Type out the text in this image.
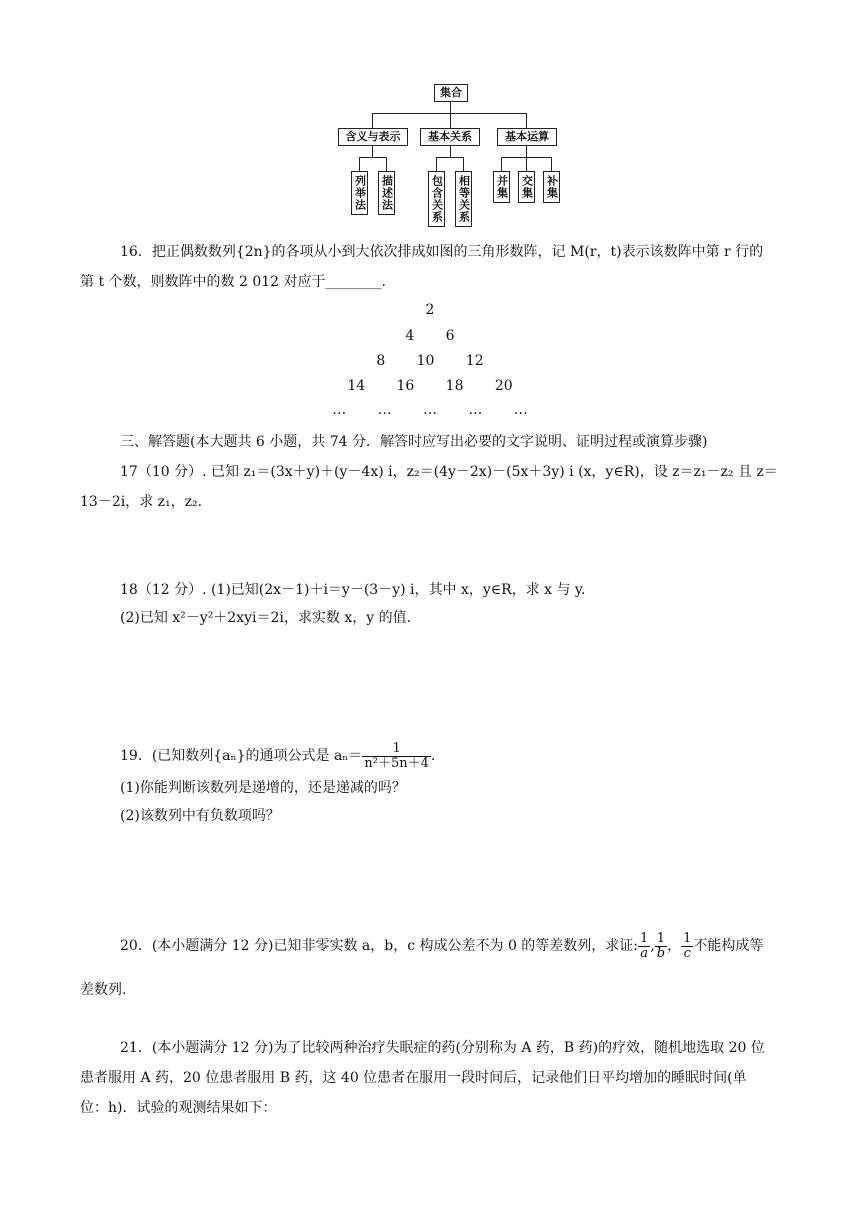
集合
含义与表示	基本关系	基本运算
列举法 描述法	包含关系 相等关系 并集 交集 补集
16．把正偶数数列{2n}的各项从小到大依次排成如图的三角形数阵，记 M(r，t)表示该数阵中第 r 行的
第 t 个数，则数阵中的数 2 012 对应于________.
2
4   6
8   10   12
14   16   18   20
…   …   …   …   …
三、解答题(本大题共 6 小题，共 74 分．解答时应写出必要的文字说明、证明过程或演算步骤)
17（10 分）. 已知 z₁＝(3x＋y)＋(y－4x) i，z₂＝(4y－2x)－(5x＋3y) i (x，y∈R)，设 z＝z₁－z₂ 且 z＝
13－2i，求 z₁，z₂.
18（12 分）. (1)已知(2x－1)＋i＝y－(3－y) i，其中 x，y∈R，求 x 与 y.
(2)已知 x²－y²＋2xyi＝2i，求实数 x，y 的值.
19．(已知数列{aₙ}的通项公式是 $a_n= \frac{1}{\text{n²＋5n＋4}}$ .
(1)你能判断该数列是递增的，还是递减的吗？
(2)该数列中有负数项吗？
20．(本小题满分 12 分)已知非零实数 a，b，c 构成公差不为 0 的等差数列，求证: $\frac{1}{a}$ , $\frac{1}{b}$ ， $\frac{1}{c}$ 不能构成等
差数列.
21．(本小题满分 12 分)为了比较两种治疗失眠症的药(分别称为 A 药，B 药)的疗效，随机地选取 20 位
患者服用 A 药，20 位患者服用 B 药，这 40 位患者在服用一段时间后，记录他们日平均增加的睡眠时间(单
位：h)．试验的观测结果如下：
